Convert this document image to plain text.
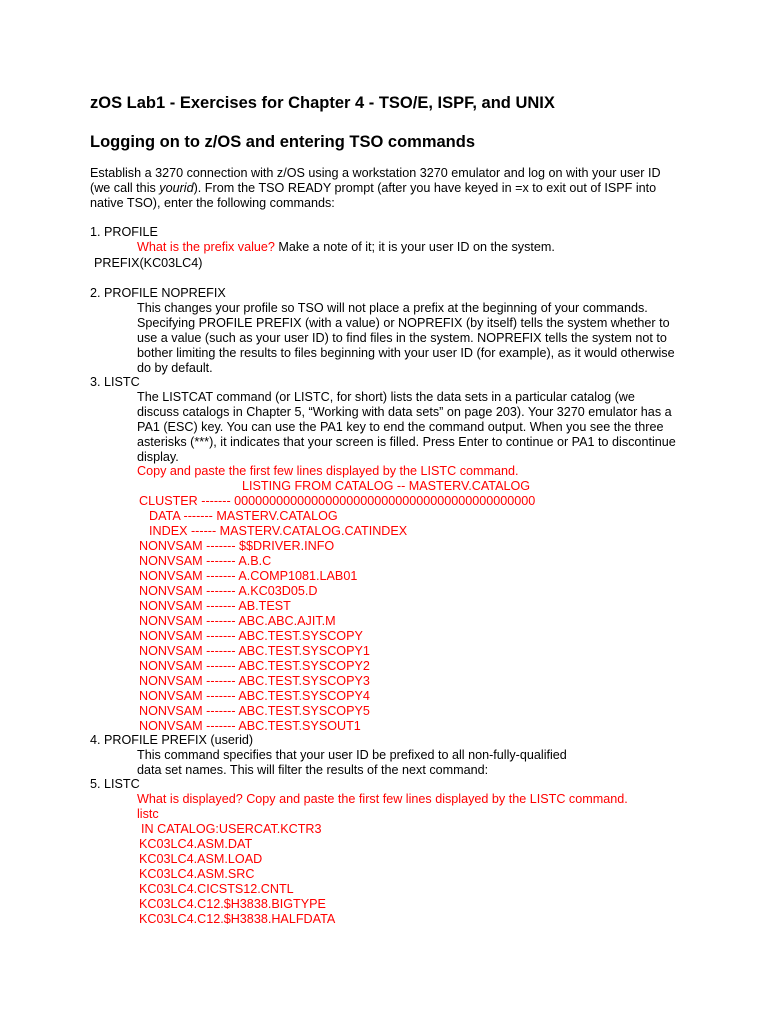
zOS Lab1 - Exercises for Chapter 4 - TSO/E, ISPF, and UNIX
Logging on to z/OS and entering TSO commands
Establish a 3270 connection with z/OS using a workstation 3270 emulator and log on with your user ID
(we call this yourid). From the TSO READY prompt (after you have keyed in =x to exit out of ISPF into
native TSO), enter the following commands:
1. PROFILE
What is the prefix value? Make a note of it; it is your user ID on the system.
PREFIX(KC03LC4)
2. PROFILE NOPREFIX
This changes your profile so TSO will not place a prefix at the beginning of your commands.
Specifying PROFILE PREFIX (with a value) or NOPREFIX (by itself) tells the system whether to
use a value (such as your user ID) to find files in the system. NOPREFIX tells the system not to
bother limiting the results to files beginning with your user ID (for example), as it would otherwise
do by default.
3. LISTC
The LISTCAT command (or LISTC, for short) lists the data sets in a particular catalog (we
discuss catalogs in Chapter 5, “Working with data sets” on page 203). Your 3270 emulator has a
PA1 (ESC) key. You can use the PA1 key to end the command output. When you see the three
asterisks (***), it indicates that your screen is filled. Press Enter to continue or PA1 to discontinue
display.
Copy and paste the first few lines displayed by the LISTC command.
LISTING FROM CATALOG -- MASTERV.CATALOG
CLUSTER ------- 0000000000000000000000000000000000000000000
DATA ------- MASTERV.CATALOG
INDEX ------ MASTERV.CATALOG.CATINDEX
NONVSAM ------- $$DRIVER.INFO
NONVSAM ------- A.B.C
NONVSAM ------- A.COMP1081.LAB01
NONVSAM ------- A.KC03D05.D
NONVSAM ------- AB.TEST
NONVSAM ------- ABC.ABC.AJIT.M
NONVSAM ------- ABC.TEST.SYSCOPY
NONVSAM ------- ABC.TEST.SYSCOPY1
NONVSAM ------- ABC.TEST.SYSCOPY2
NONVSAM ------- ABC.TEST.SYSCOPY3
NONVSAM ------- ABC.TEST.SYSCOPY4
NONVSAM ------- ABC.TEST.SYSCOPY5
NONVSAM ------- ABC.TEST.SYSOUT1
4. PROFILE PREFIX (userid)
This command specifies that your user ID be prefixed to all non-fully-qualified
data set names. This will filter the results of the next command:
5. LISTC
What is displayed? Copy and paste the first few lines displayed by the LISTC command.
listc
IN CATALOG:USERCAT.KCTR3
KC03LC4.ASM.DAT
KC03LC4.ASM.LOAD
KC03LC4.ASM.SRC
KC03LC4.CICSTS12.CNTL
KC03LC4.C12.$H3838.BIGTYPE
KC03LC4.C12.$H3838.HALFDATA
